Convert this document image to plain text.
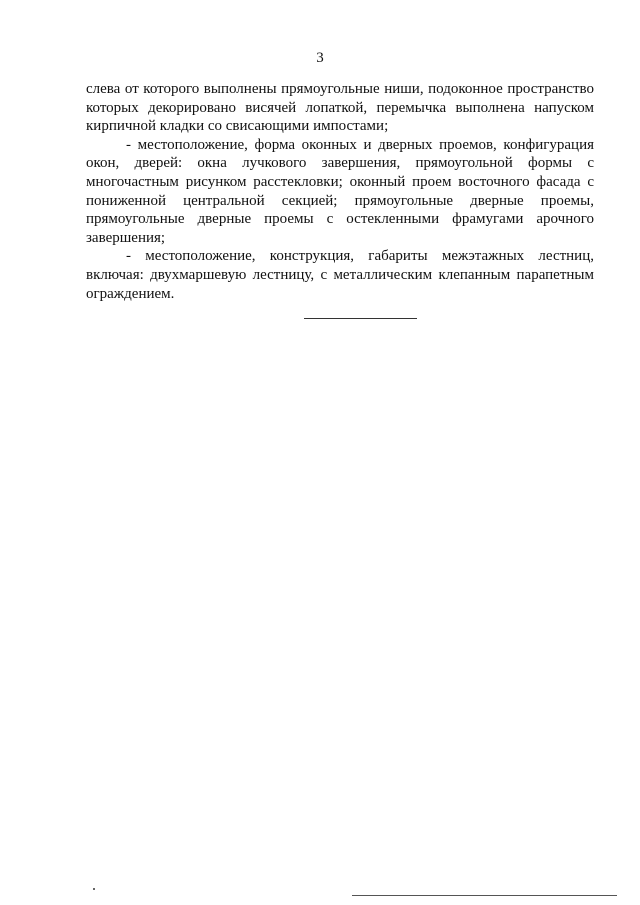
3

слева от которого выполнены прямоугольные ниши, подоконное пространство которых декорировано висячей лопаткой, перемычка выполнена напуском кирпичной кладки со свисающими импостами;

- местоположение, форма оконных и дверных проемов, конфигурация окон, дверей: окна лучкового завершения, прямоугольной формы с многочастным рисунком расстекловки; оконный проем восточного фасада с пониженной центральной секцией; прямоугольные дверные проемы, прямоугольные дверные проемы с остекленными фрамугами арочного завершения;

- местоположение, конструкция, габариты межэтажных лестниц, включая: двухмаршевую лестницу, с металлическим клепанным парапетным ограждением.
